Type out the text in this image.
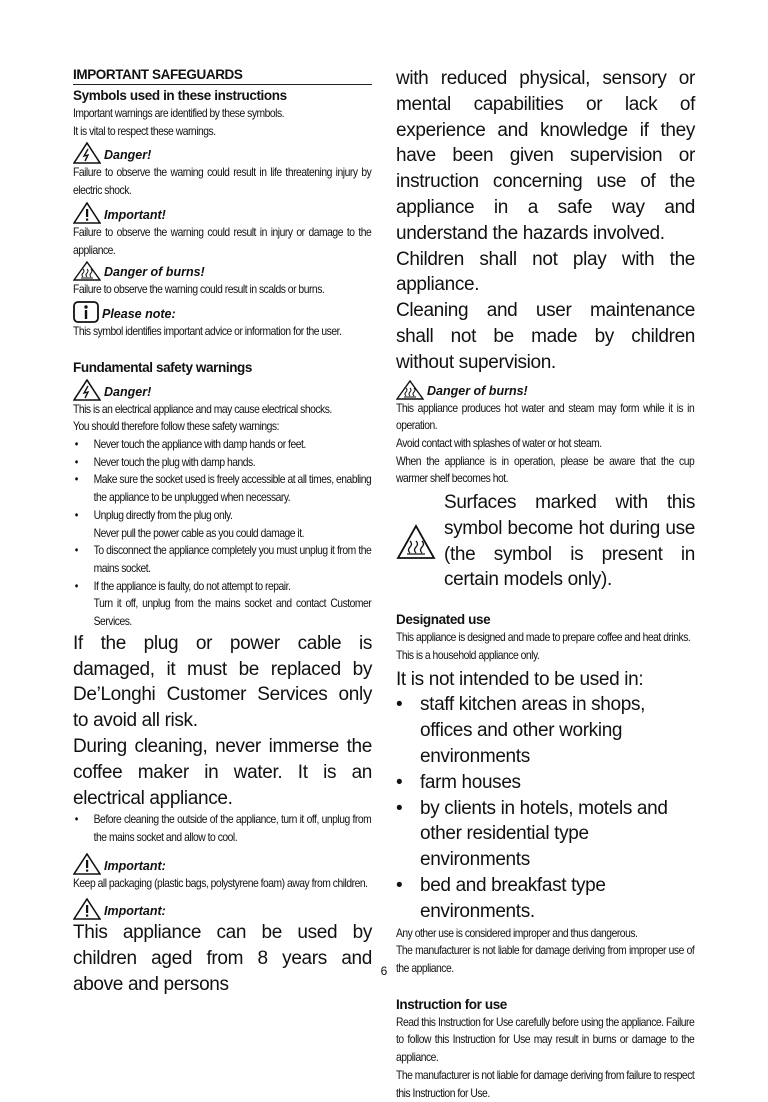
IMPORTANT SAFEGUARDS
Symbols used in these instructions
Important warnings are identified by these symbols.
It is vital to respect these warnings.
Danger!
Failure to observe the warning could result in life threatening injury by electric shock.
Important!
Failure to observe the warning could result in injury or damage to the appliance.
Danger of burns!
Failure to observe the warning could result in scalds or burns.
Please note:
This symbol identifies important advice or information for the user.
Fundamental safety warnings
Danger!
This is an electrical appliance and may cause electrical shocks.
You should therefore follow these safety warnings:
• Never touch the appliance with damp hands or feet.
• Never touch the plug with damp hands.
• Make sure the socket used is freely accessible at all times, enabling the appliance to be unplugged when necessary.
• Unplug directly from the plug only.
Never pull the power cable as you could damage it.
• To disconnect the appliance completely you must unplug it from the mains socket.
• If the appliance is faulty, do not attempt to repair.
Turn it off, unplug from the mains socket and contact Customer Services.
If the plug or power cable is damaged, it must be replaced by De’Longhi Customer Services only to avoid all risk.
During cleaning, never immerse the coffee maker in water. It is an electrical appliance.
• Before cleaning the outside of the appliance, turn it off, unplug from the mains socket and allow to cool.
Important:
Keep all packaging (plastic bags, polystyrene foam) away from children.
Important:
This appliance can be used by children aged from 8 years and above and persons
with reduced physical, sensory or mental capabilities or lack of experience and knowledge if they have been given supervision or instruction concerning use of the appliance in a safe way and understand the hazards involved.
Children shall not play with the appliance.
Cleaning and user maintenance shall not be made by children without supervision.
Danger of burns!
This appliance produces hot water and steam may form while it is in operation.
Avoid contact with splashes of water or hot steam.
When the appliance is in operation, please be aware that the cup warmer shelf becomes hot.
Surfaces marked with this symbol become hot during use (the symbol is present in certain models only).
Designated use
This appliance is designed and made to prepare coffee and heat drinks.
This is a household appliance only.
It is not intended to be used in:
• staff kitchen areas in shops, offices and other working environments
• farm houses
• by clients in hotels, motels and other residential type environments
• bed and breakfast type environments.
Any other use is considered improper and thus dangerous.
The manufacturer is not liable for damage deriving from improper use of the appliance.
Instruction for use
Read this Instruction for Use carefully before using the appliance. Failure to follow this Instruction for Use may result in burns or damage to the appliance.
The manufacturer is not liable for damage deriving from failure to respect this Instruction for Use.
6
